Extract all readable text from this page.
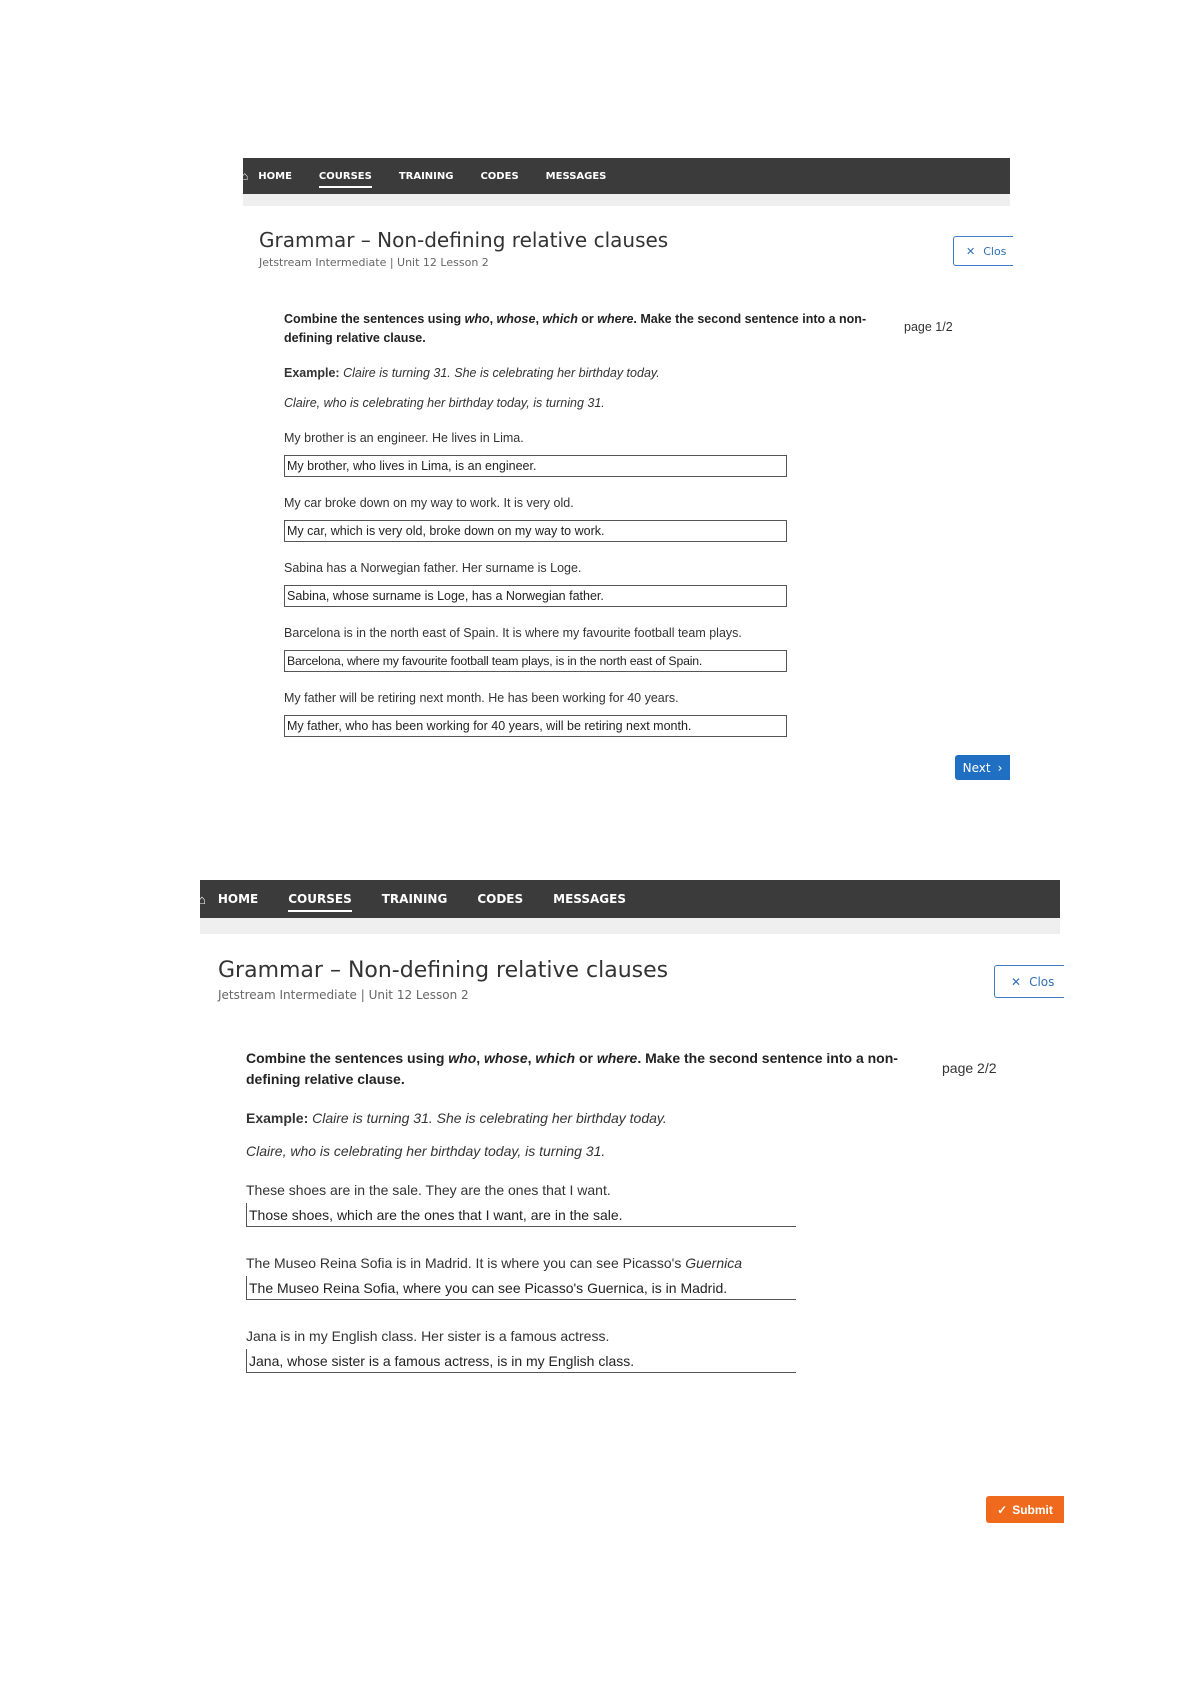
⌂ HOME	COURSES	TRAINING	CODES	MESSAGES
Grammar – Non-defining relative clauses
Jetstream Intermediate | Unit 12 Lesson 2
✕ Clos
Combine the sentences using who, whose, which or where. Make the second sentence into a non-defining relative clause.
page 1/2
Example: Claire is turning 31. She is celebrating her birthday today.
Claire, who is celebrating her birthday today, is turning 31.
My brother is an engineer. He lives in Lima.
My brother, who lives in Lima, is an engineer.
My car broke down on my way to work. It is very old.
My car, which is very old, broke down on my way to work.
Sabina has a Norwegian father. Her surname is Loge.
Sabina, whose surname is Loge, has a Norwegian father.
Barcelona is in the north east of Spain. It is where my favourite football team plays.
Barcelona, where my favourite football team plays, is in the north east of Spain.
My father will be retiring next month. He has been working for 40 years.
My father, who has been working for 40 years, will be retiring next month.
Next ›
⌂ HOME	COURSES	TRAINING	CODES	MESSAGES
Grammar – Non-defining relative clauses
Jetstream Intermediate | Unit 12 Lesson 2
✕ Clos
Combine the sentences using who, whose, which or where. Make the second sentence into a non-defining relative clause.
page 2/2
Example: Claire is turning 31. She is celebrating her birthday today.
Claire, who is celebrating her birthday today, is turning 31.
These shoes are in the sale. They are the ones that I want.
Those shoes, which are the ones that I want, are in the sale.
The Museo Reina Sofia is in Madrid. It is where you can see Picasso's Guernica
The Museo Reina Sofia, where you can see Picasso's Guernica, is in Madrid.
Jana is in my English class. Her sister is a famous actress.
Jana, whose sister is a famous actress, is in my English class.
✓ Submit
